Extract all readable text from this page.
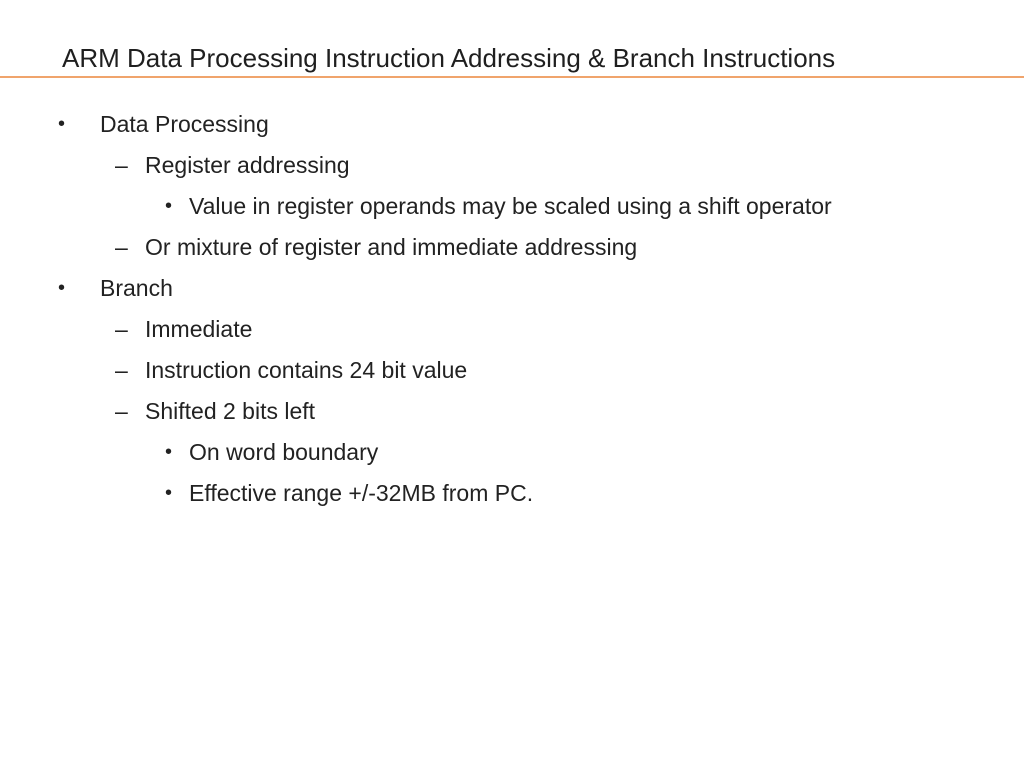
ARM Data Processing Instruction Addressing & Branch Instructions
• Data Processing
– Register addressing
• Value in register operands may be scaled using a shift operator
– Or mixture of register and immediate addressing
• Branch
– Immediate
– Instruction contains 24 bit value
– Shifted 2 bits left
• On word boundary
• Effective range +/-32MB from PC.
